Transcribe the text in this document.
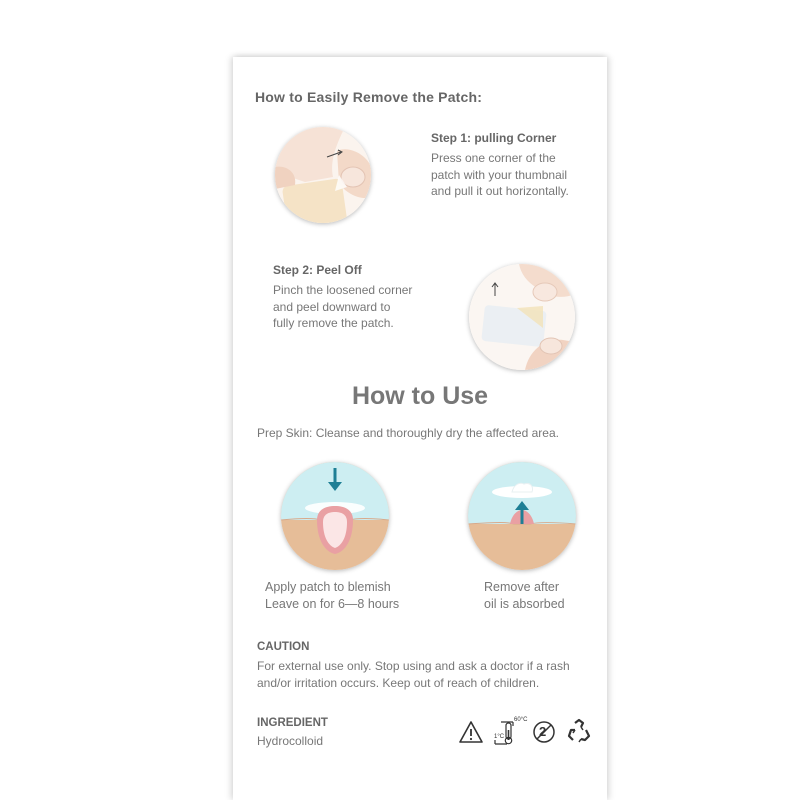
How to Easily Remove the Patch:
Step 1: pulling Corner
Press one corner of the
patch with your thumbnail
and pull it out horizontally.
Step 2: Peel Off
Pinch the loosened corner
and peel downward to
fully remove the patch.
How to Use
Prep Skin: Cleanse and thoroughly dry the affected area.
Apply patch to blemish
Leave on for 6—8 hours
Remove after
oil is absorbed
CAUTION
For external use only. Stop using and ask a doctor if a rash
and/or irritation occurs. Keep out of reach of children.
INGREDIENT
Hydrocolloid
60°C
1°C	2
